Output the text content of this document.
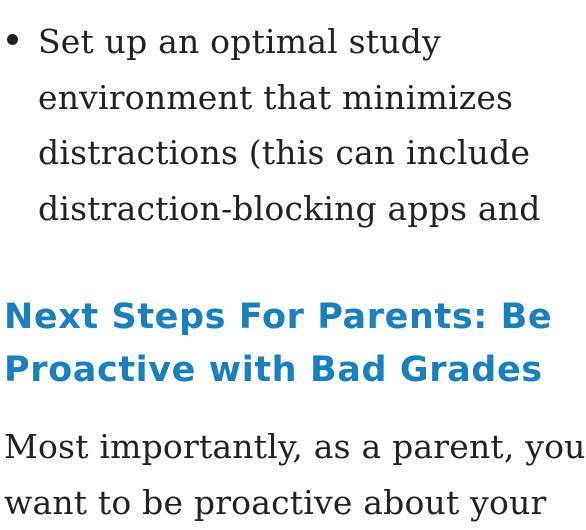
Set up an optimal study
environment that minimizes
distractions (this can include
distraction-blocking apps and
Next Steps For Parents: Be
Proactive with Bad Grades

Most importantly, as a parent, you
want to be proactive about your
